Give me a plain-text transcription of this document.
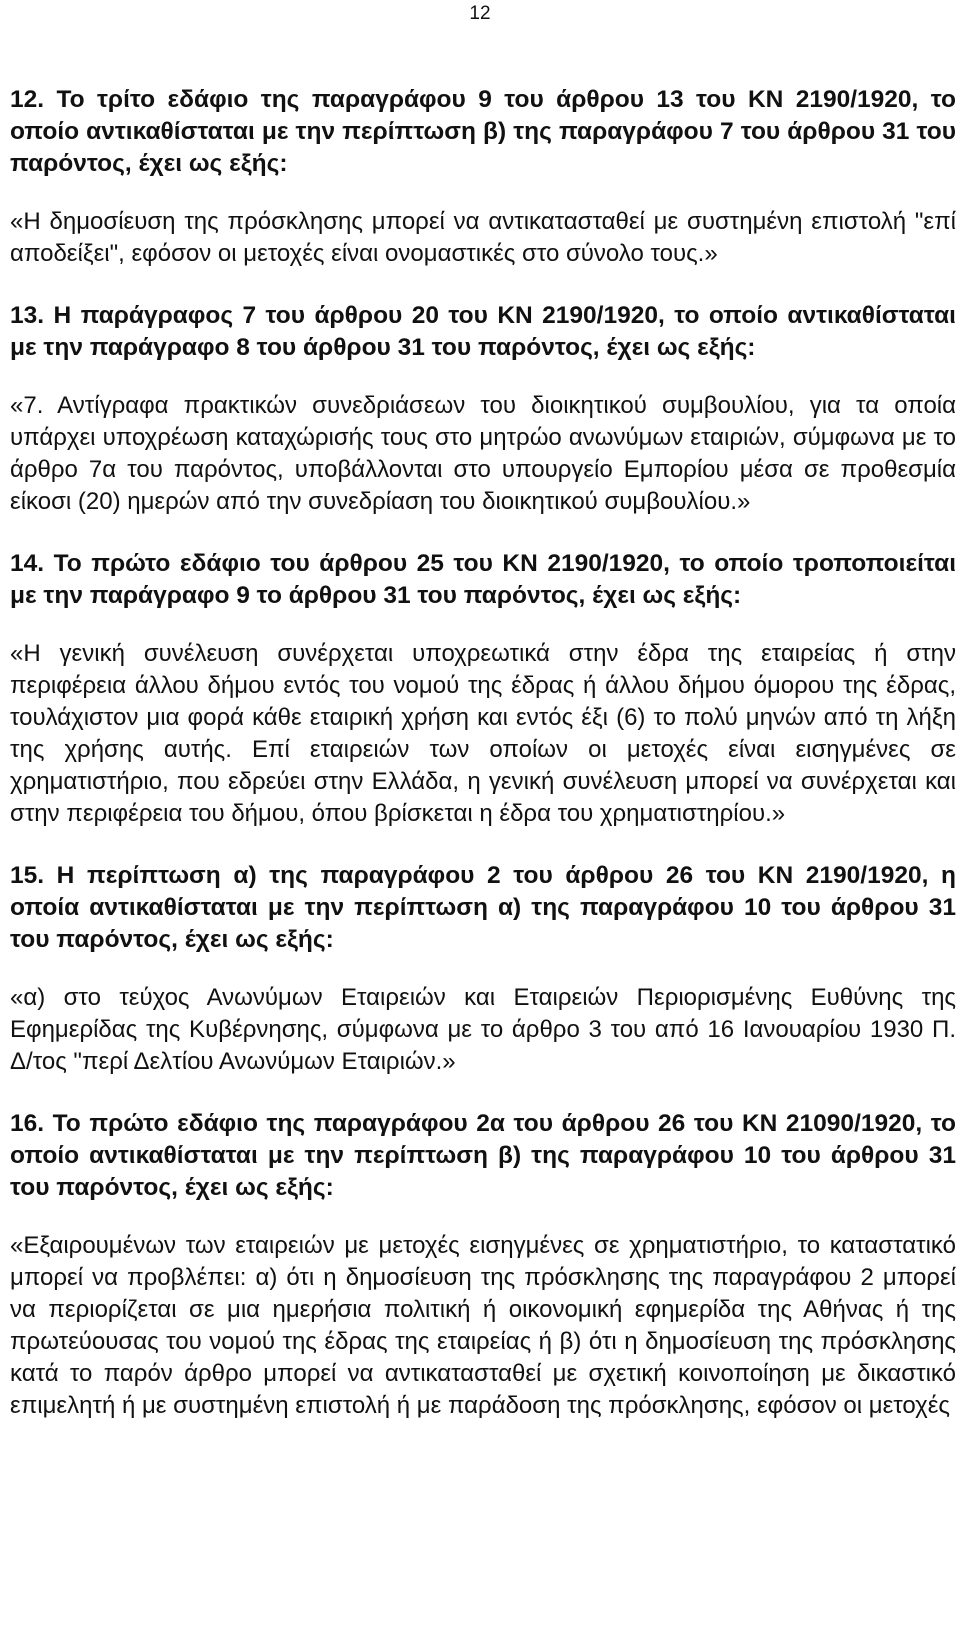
12

12. Το τρίτο εδάφιο της παραγράφου 9 του άρθρου 13 του ΚΝ 2190/1920, το οποίο αντικαθίσταται με την περίπτωση β) της παραγράφου 7 του άρθρου 31 του παρόντος, έχει ως εξής:

«Η δημοσίευση της πρόσκλησης μπορεί να αντικατασταθεί με συστημένη επιστολή "επί αποδείξει", εφόσον οι μετοχές είναι ονομαστικές στο σύνολο τους.»

13. Η παράγραφος 7 του άρθρου 20 του ΚΝ 2190/1920, το οποίο αντικαθίσταται με την παράγραφο 8 του άρθρου 31 του παρόντος, έχει ως εξής:

«7. Αντίγραφα πρακτικών συνεδριάσεων του διοικητικού συμβουλίου, για τα οποία υπάρχει υποχρέωση καταχώρισής τους στο μητρώο ανωνύμων εταιριών, σύμφωνα με το άρθρο 7α του παρόντος, υποβάλλονται στο υπουργείο Εμπορίου μέσα σε προθεσμία είκοσι (20) ημερών από την συνεδρίαση του διοικητικού συμβουλίου.»

14. Το πρώτο εδάφιο του άρθρου 25 του ΚΝ 2190/1920, το οποίο τροποποιείται με την παράγραφο 9 το άρθρου 31 του παρόντος, έχει ως εξής:

«Η γενική συνέλευση συνέρχεται υποχρεωτικά στην έδρα της εταιρείας ή στην περιφέρεια άλλου δήμου εντός του νομού της έδρας ή άλλου δήμου όμορου της έδρας, τουλάχιστον μια φορά κάθε εταιρική χρήση και εντός έξι (6) το πολύ μηνών από τη λήξη της χρήσης αυτής. Επί εταιρειών των οποίων οι μετοχές είναι εισηγμένες σε χρηματιστήριο, που εδρεύει στην Ελλάδα, η γενική συνέλευση μπορεί να συνέρχεται και στην περιφέρεια του δήμου, όπου βρίσκεται η έδρα του χρηματιστηρίου.»

15. Η περίπτωση α) της παραγράφου 2 του άρθρου 26 του ΚΝ 2190/1920, η οποία αντικαθίσταται με την περίπτωση α) της παραγράφου 10 του άρθρου 31 του παρόντος, έχει ως εξής:

«α) στο τεύχος Ανωνύμων Εταιρειών και Εταιρειών Περιορισμένης Ευθύνης της Εφημερίδας της Κυβέρνησης, σύμφωνα με το άρθρο 3 του από 16 Ιανουαρίου 1930 Π. Δ/τος "περί Δελτίου Ανωνύμων Εταιριών.»

16. Το πρώτο εδάφιο της παραγράφου 2α του άρθρου 26 του ΚΝ 21090/1920, το οποίο αντικαθίσταται με την περίπτωση β) της παραγράφου 10 του άρθρου 31 του παρόντος, έχει ως εξής:

«Εξαιρουμένων των εταιρειών με μετοχές εισηγμένες σε χρηματιστήριο, το καταστατικό μπορεί να προβλέπει: α) ότι η δημοσίευση της πρόσκλησης της παραγράφου 2 μπορεί να περιορίζεται σε μια ημερήσια πολιτική ή οικονομική εφημερίδα της Αθήνας ή της πρωτεύουσας του νομού της έδρας της εταιρείας ή β) ότι η δημοσίευση της πρόσκλησης κατά το παρόν άρθρο μπορεί να αντικατασταθεί με σχετική κοινοποίηση με δικαστικό επιμελητή ή με συστημένη επιστολή ή με παράδοση της πρόσκλησης, εφόσον οι μετοχές
